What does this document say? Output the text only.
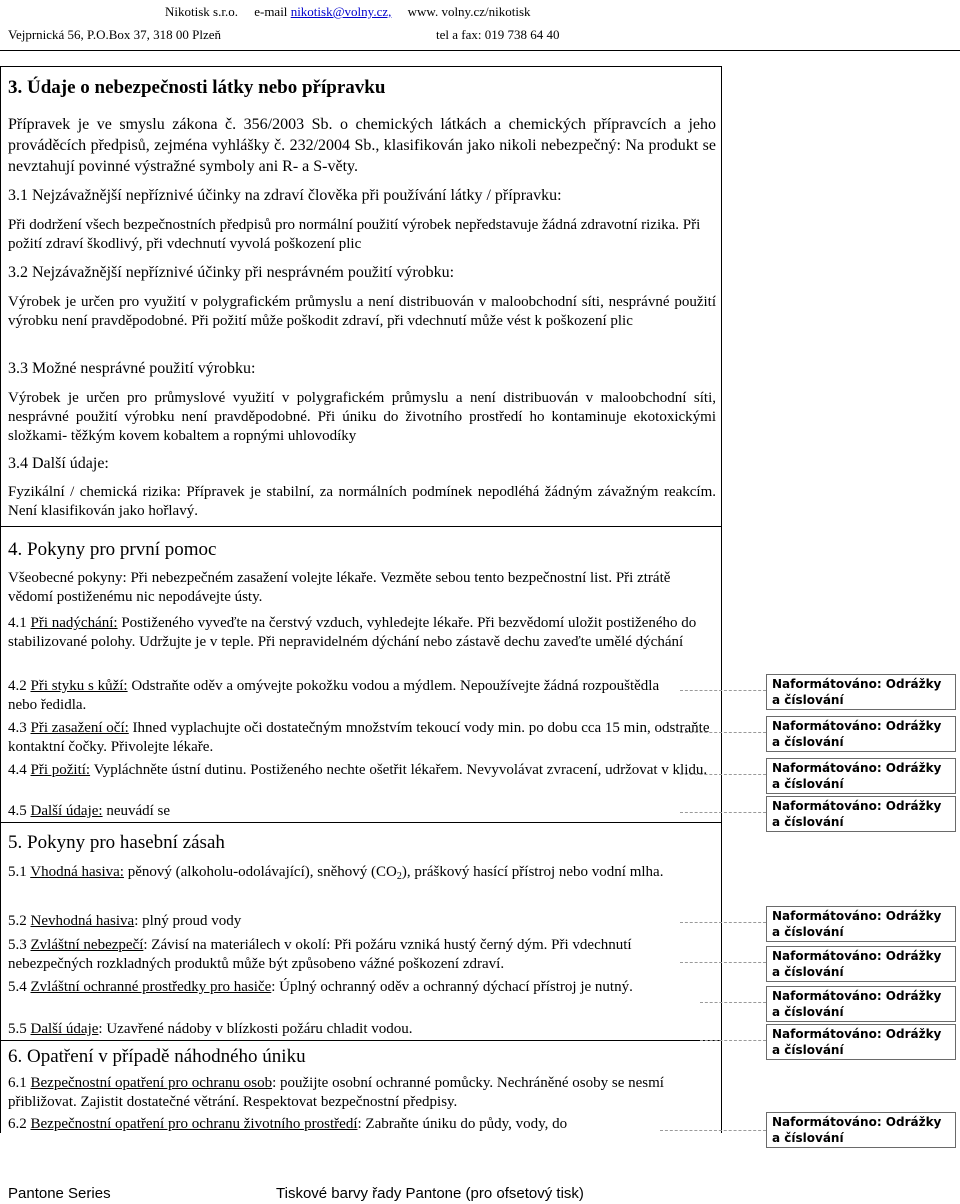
Nikotisk s.r.o. e-mail nikotisk@volny.cz, www. volny.cz/nikotisk
Vejprnická 56, P.O.Box 37, 318 00 Plzeň	tel a fax: 019 738 64 40
3. Údaje o nebezpečnosti látky nebo přípravku
Přípravek je ve smyslu zákona č. 356/2003 Sb. o chemických látkách a chemických přípravcích a jeho prováděcích předpisů, zejména vyhlášky č. 232/2004 Sb., klasifikován jako nikoli nebezpečný: Na produkt se nevztahují povinné výstražné symboly ani R- a S-věty.
3.1 Nejzávažnější nepříznivé účinky na zdraví člověka při používání látky / přípravku:
Při dodržení všech bezpečnostních předpisů pro normální použití výrobek nepředstavuje žádná zdravotní rizika. Při požití zdraví škodlivý, při vdechnutí vyvolá poškození plic
3.2 Nejzávažnější nepříznivé účinky při nesprávném použití výrobku:
Výrobek je určen pro využití v polygrafickém průmyslu a není distribuován v maloobchodní síti, nesprávné použití výrobku není pravděpodobné. Při požití může poškodit zdraví, při vdechnutí může vést k poškození plic
3.3 Možné nesprávné použití výrobku:
Výrobek je určen pro průmyslové využití v polygrafickém průmyslu a není distribuován v maloobchodní síti, nesprávné použití výrobku není pravděpodobné. Při úniku do životního prostředí ho kontaminuje ekotoxickými složkami- těžkým kovem kobaltem a ropnými uhlovodíky
3.4 Další údaje:
Fyzikální / chemická rizika: Přípravek je stabilní, za normálních podmínek nepodléhá žádným závažným reakcím. Není klasifikován jako hořlavý.
4. Pokyny pro první pomoc
Všeobecné pokyny: Při nebezpečném zasažení volejte lékaře. Vezměte sebou tento bezpečnostní list. Při ztrátě vědomí postiženému nic nepodávejte ústy.
4.1 Při nadýchání: Postiženého vyveďte na čerstvý vzduch, vyhledejte lékaře. Při bezvědomí uložit postiženého do stabilizované polohy. Udržujte je v teple. Při nepravidelném dýchání nebo zástavě dechu zaveďte umělé dýchání
4.2 Při styku s kůží: Odstraňte oděv a omývejte pokožku vodou a mýdlem. Nepoužívejte žádná rozpouštědla nebo ředidla.
4.3 Při zasažení očí: Ihned vyplachujte oči dostatečným množstvím tekoucí vody min. po dobu cca 15 min, odstraňte kontaktní čočky. Přivolejte lékaře.
4.4 Při požití: Vypláchněte ústní dutinu. Postiženého nechte ošetřit lékařem. Nevyvolávat zvracení, udržovat v klidu.
4.5 Další údaje: neuvádí se
5. Pokyny pro hasební zásah
5.1 Vhodná hasiva: pěnový (alkoholu-odolávající), sněhový $(CO_2)$, práškový hasící přístroj nebo vodní mlha.
5.2 Nevhodná hasiva: plný proud vody
5.3 Zvláštní nebezpečí: Závisí na materiálech v okolí: Při požáru vzniká hustý černý dým. Při vdechnutí nebezpečných rozkladných produktů může být způsobeno vážné poškození zdraví.
5.4 Zvláštní ochranné prostředky pro hasiče: Úplný ochranný oděv a ochranný dýchací přístroj je nutný.
5.5 Další údaje: Uzavřené nádoby v blízkosti požáru chladit vodou.
6. Opatření v případě náhodného úniku
6.1 Bezpečnostní opatření pro ochranu osob: použijte osobní ochranné pomůcky. Nechráněné osoby se nesmí přibližovat. Zajistit dostatečné větrání. Respektovat bezpečnostní předpisy.
6.2 Bezpečnostní opatření pro ochranu životního prostředí: Zabraňte úniku do půdy, vody, do
Naformátováno: Odrážky a číslování
Naformátováno: Odrážky a číslování
Naformátováno: Odrážky a číslování
Naformátováno: Odrážky a číslování
Naformátováno: Odrážky a číslování
Naformátováno: Odrážky a číslování
Naformátováno: Odrážky a číslování
Naformátováno: Odrážky a číslování
Naformátováno: Odrážky a číslování
Pantone Series	Tiskové barvy řady Pantone (pro ofsetový tisk)
